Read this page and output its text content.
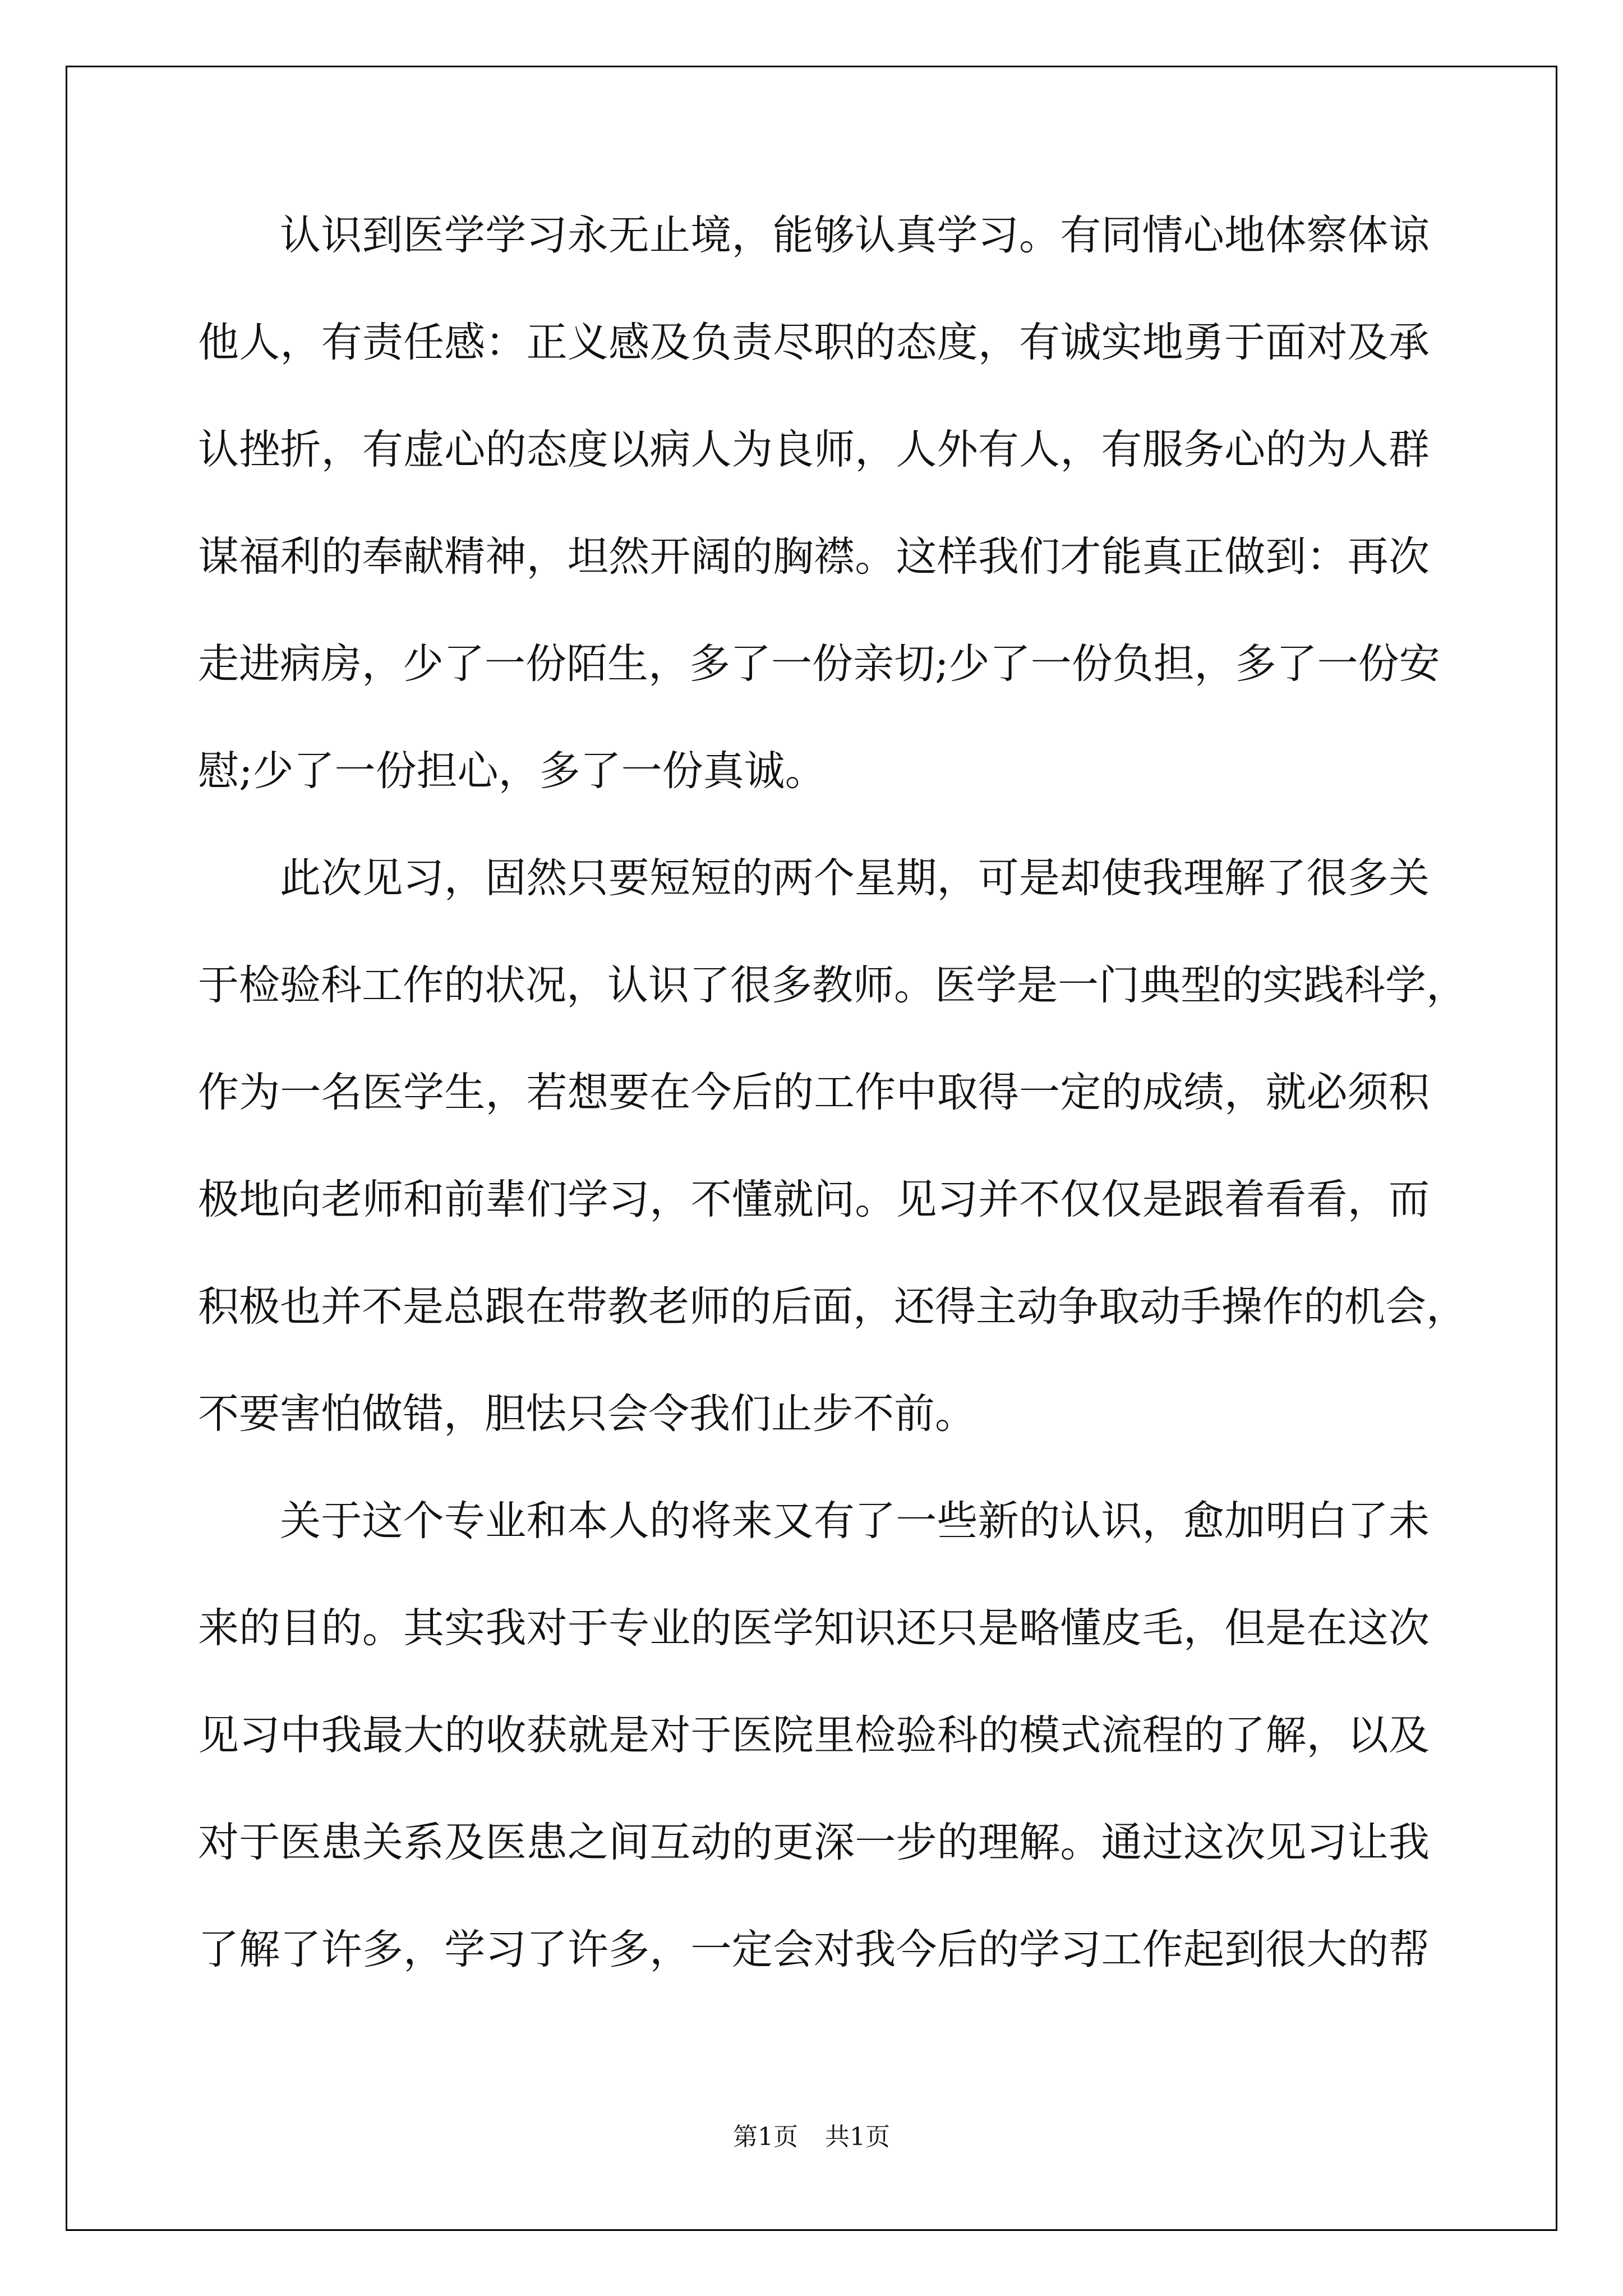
认识到医学学习永无止境，能够认真学习。有同情心地体察体谅
他人，有责任感：正义感及负责尽职的态度，有诚实地勇于面对及承
认挫折，有虚心的态度以病人为良师，人外有人，有服务心的为人群
谋福利的奉献精神，坦然开阔的胸襟。这样我们才能真正做到：再次
走进病房，少了一份陌生，多了一份亲切;少了一份负担，多了一份安
慰;少了一份担心，多了一份真诚。
此次见习，固然只要短短的两个星期，可是却使我理解了很多关
于检验科工作的状况，认识了很多教师。医学是一门典型的实践科学，
作为一名医学生，若想要在今后的工作中取得一定的成绩，就必须积
极地向老师和前辈们学习，不懂就问。见习并不仅仅是跟着看看，而
积极也并不是总跟在带教老师的后面，还得主动争取动手操作的机会，
不要害怕做错，胆怯只会令我们止步不前。
关于这个专业和本人的将来又有了一些新的认识，愈加明白了未
来的目的。其实我对于专业的医学知识还只是略懂皮毛，但是在这次
见习中我最大的收获就是对于医院里检验科的模式流程的了解，以及
对于医患关系及医患之间互动的更深一步的理解。通过这次见习让我
了解了许多，学习了许多，一定会对我今后的学习工作起到很大的帮
第1页 共1页
